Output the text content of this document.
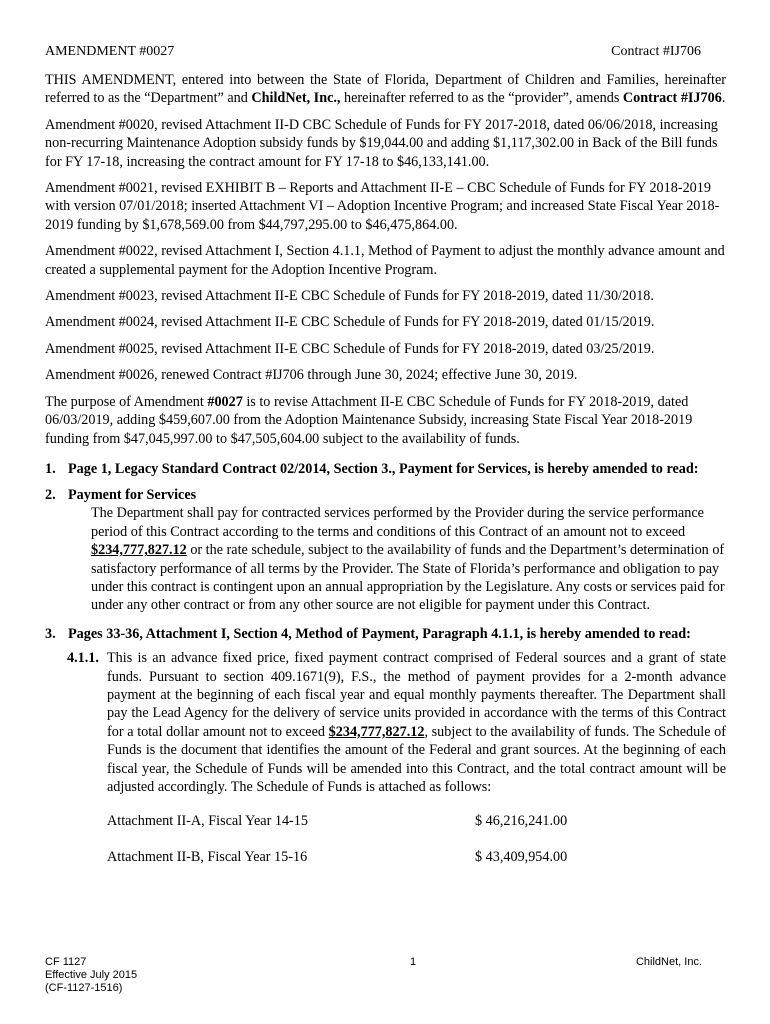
AMENDMENT #0027	Contract #IJ706

THIS AMENDMENT, entered into between the State of Florida, Department of Children and Families, hereinafter referred to as the “Department” and ChildNet, Inc., hereinafter referred to as the “provider”, amends Contract #IJ706.

Amendment #0020, revised Attachment II-D CBC Schedule of Funds for FY 2017-2018, dated 06/06/2018, increasing non-recurring Maintenance Adoption subsidy funds by $19,044.00 and adding $1,117,302.00 in Back of the Bill funds for FY 17-18, increasing the contract amount for FY 17-18 to $46,133,141.00.

Amendment #0021, revised EXHIBIT B – Reports and Attachment II-E – CBC Schedule of Funds for FY 2018-2019 with version 07/01/2018; inserted Attachment VI – Adoption Incentive Program; and increased State Fiscal Year 2018-2019 funding by $1,678,569.00 from $44,797,295.00 to $46,475,864.00.

Amendment #0022, revised Attachment I, Section 4.1.1, Method of Payment to adjust the monthly advance amount and created a supplemental payment for the Adoption Incentive Program.

Amendment #0023, revised Attachment II-E CBC Schedule of Funds for FY 2018-2019, dated 11/30/2018.

Amendment #0024, revised Attachment II-E CBC Schedule of Funds for FY 2018-2019, dated 01/15/2019.

Amendment #0025, revised Attachment II-E CBC Schedule of Funds for FY 2018-2019, dated 03/25/2019.

Amendment #0026, renewed Contract #IJ706 through June 30, 2024; effective June 30, 2019.

The purpose of Amendment #0027 is to revise Attachment II-E CBC Schedule of Funds for FY 2018-2019, dated 06/03/2019, adding $459,607.00 from the Adoption Maintenance Subsidy, increasing State Fiscal Year 2018-2019 funding from $47,045,997.00 to $47,505,604.00 subject to the availability of funds.

1. Page 1, Legacy Standard Contract 02/2014, Section 3., Payment for Services, is hereby amended to read:
2. Payment for Services
The Department shall pay for contracted services performed by the Provider during the service performance period of this Contract according to the terms and conditions of this Contract of an amount not to exceed $234,777,827.12 or the rate schedule, subject to the availability of funds and the Department’s determination of satisfactory performance of all terms by the Provider. The State of Florida’s performance and obligation to pay under this contract is contingent upon an annual appropriation by the Legislature. Any costs or services paid for under any other contract or from any other source are not eligible for payment under this Contract.
3. Pages 33-36, Attachment I, Section 4, Method of Payment, Paragraph 4.1.1, is hereby amended to read:
4.1.1. This is an advance fixed price, fixed payment contract comprised of Federal sources and a grant of state funds. Pursuant to section 409.1671(9), F.S., the method of payment provides for a 2-month advance payment at the beginning of each fiscal year and equal monthly payments thereafter. The Department shall pay the Lead Agency for the delivery of service units provided in accordance with the terms of this Contract for a total dollar amount not to exceed $234,777,827.12, subject to the availability of funds. The Schedule of Funds is the document that identifies the amount of the Federal and grant sources. At the beginning of each fiscal year, the Schedule of Funds will be amended into this Contract, and the total contract amount will be adjusted accordingly. The Schedule of Funds is attached as follows:
Attachment II-A, Fiscal Year 14-15	$ 46,216,241.00
Attachment II-B, Fiscal Year 15-16	$ 43,409,954.00
CF 1127
Effective July 2015
(CF-1127-1516)
1	ChildNet, Inc.
